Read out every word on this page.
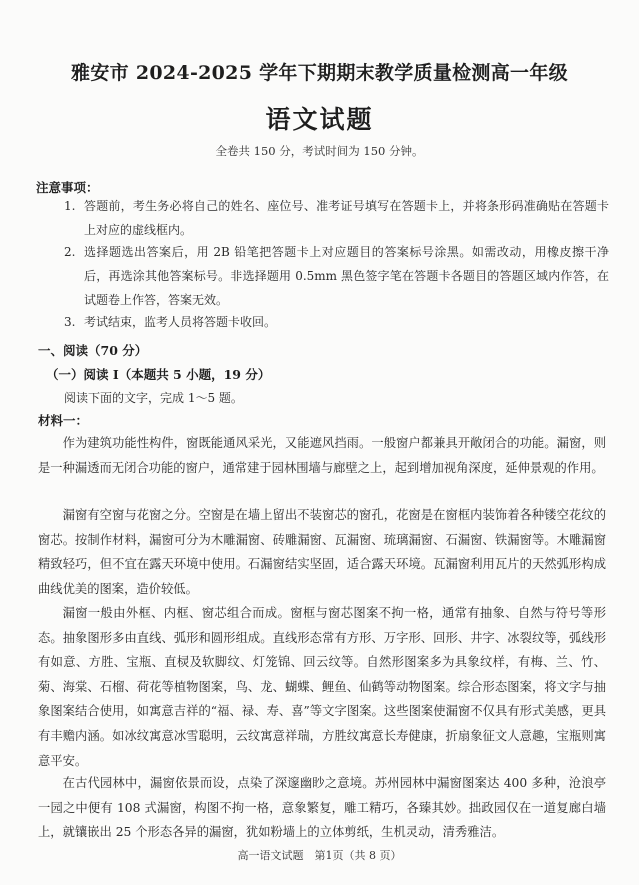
雅安市 2024-2025 学年下期期末教学质量检测高一年级
语文试题
全卷共 150 分，考试时间为 150 分钟。
注意事项：
1. 答题前，考生务必将自己的姓名、座位号、准考证号填写在答题卡上，并将条形码准确贴在答题卡上对应的虚线框内。
2. 选择题选出答案后，用 2B 铅笔把答题卡上对应题目的答案标号涂黑。如需改动，用橡皮擦干净后，再选涂其他答案标号。非选择题用 0.5mm 黑色签字笔在答题卡各题目的答题区域内作答，在试题卷上作答，答案无效。
3. 考试结束，监考人员将答题卡收回。
一、阅读（70 分）
（一）阅读 Ⅰ（本题共 5 小题，19 分）
阅读下面的文字，完成 1～5 题。
材料一：

作为建筑功能性构件，窗既能通风采光，又能遮风挡雨。一般窗户都兼具开敞闭合的功能。漏窗，则是一种漏透而无闭合功能的窗户，通常建于园林围墙与廊壁之上，起到增加视角深度，延伸景观的作用。

漏窗有空窗与花窗之分。空窗是在墙上留出不装窗芯的窗孔，花窗是在窗框内装饰着各种镂空花纹的窗芯。按制作材料，漏窗可分为木雕漏窗、砖雕漏窗、瓦漏窗、琉璃漏窗、石漏窗、铁漏窗等。木雕漏窗精致轻巧，但不宜在露天环境中使用。石漏窗结实坚固，适合露天环境。瓦漏窗利用瓦片的天然弧形构成曲线优美的图案，造价较低。

漏窗一般由外框、内框、窗芯组合而成。窗框与窗芯图案不拘一格，通常有抽象、自然与符号等形态。抽象图形多由直线、弧形和圆形组成。直线形态常有方形、万字形、回形、井字、冰裂纹等，弧线形有如意、方胜、宝瓶、直棂及软脚纹、灯笼锦、回云纹等。自然形图案多为具象纹样，有梅、兰、竹、菊、海棠、石榴、荷花等植物图案，鸟、龙、蝴蝶、鲤鱼、仙鹤等动物图案。综合形态图案，将文字与抽象图案结合使用，如寓意吉祥的“福、禄、寿、喜”等文字图案。这些图案使漏窗不仅具有形式美感，更具有丰赡内涵。如冰纹寓意冰雪聪明，云纹寓意祥瑞，方胜纹寓意长寿健康，折扇象征文人意趣，宝瓶则寓意平安。

在古代园林中，漏窗依景而设，点染了深邃幽眇之意境。苏州园林中漏窗图案达 400 多种，沧浪亭一园之中便有 108 式漏窗，构图不拘一格，意象繁复，雕工精巧，各臻其妙。拙政园仅在一道复廊白墙上，就镶嵌出 25 个形态各异的漏窗，犹如粉墙上的立体剪纸，生机灵动，清秀雅洁。

高一语文试题　第1页（共 8 页）
